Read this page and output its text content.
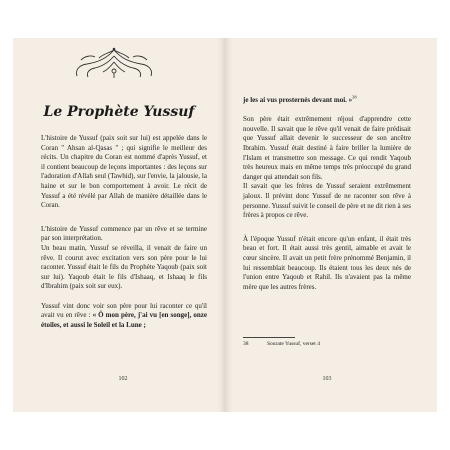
Le Prophète Yussuf

L'histoire de Yussuf (paix soit sur lui) est appelée dans le Coran " Ahsan al-Qasas " ; qui signifie le meilleur des récits. Un chapitre du Coran est nommé d'après Yussuf, et il contient beaucoup de leçons importantes : des leçons sur l'adoration d'Allah seul (Tawhid), sur l'envie, la jalousie, la haine et sur le bon comportement à avoir. Le récit de Yussuf a été révélé par Allah de manière détaillée dans le Coran.

L'histoire de Yussuf commence par un rêve et se termine par son interprétation.

Un beau matin, Yussuf se réveilla, il venait de faire un rêve. Il courut avec excitation vers son père pour le lui raconter. Yussuf était le fils du Prophète Yaqoub (paix soit sur lui). Yaqoub était le fils d'Ishaaq, et Ishaaq le fils d'Ibrahim (paix soit sur eux).

Yussuf vint donc voir son père pour lui raconter ce qu'il avait vu en rêve : « Ô mon père, j'ai vu [en songe], onze étoiles, et aussi le Soleil et la Lune ;

102

je les ai vus prosternés devant moi. »$^{38}$

Son père était extrêmement réjoui d'apprendre cette nouvelle. Il savait que le rêve qu'il venait de faire prédisait que Yussuf allait devenir le successeur de son ancêtre Ibrahim. Yussuf était destiné à faire briller la lumière de l'Islam et transmettre son message. Ce qui rendit Yaqoub très heureux mais en même temps très préoccupé du grand danger qui attendait son fils.

Il savait que les frères de Yussuf seraient extrêmement jaloux. Il prévint donc Yussuf de ne raconter son rêve à personne. Yussuf suivit le conseil de père et ne dit rien à ses frères à propos ce rêve.

À l'époque Yussuf n'était encore qu'un enfant, il était très beau et fort. Il était aussi très gentil, aimable et avait le cœur sincère. Il avait un petit frère prénommé Benjamin, il lui ressemblait beaucoup. Ils étaient tous les deux nés de l'union entre Yaqoub et Rahil. Ils n'avaient pas la même mère que les autres frères.

38	Sourate Yussuf, verset 4
103
